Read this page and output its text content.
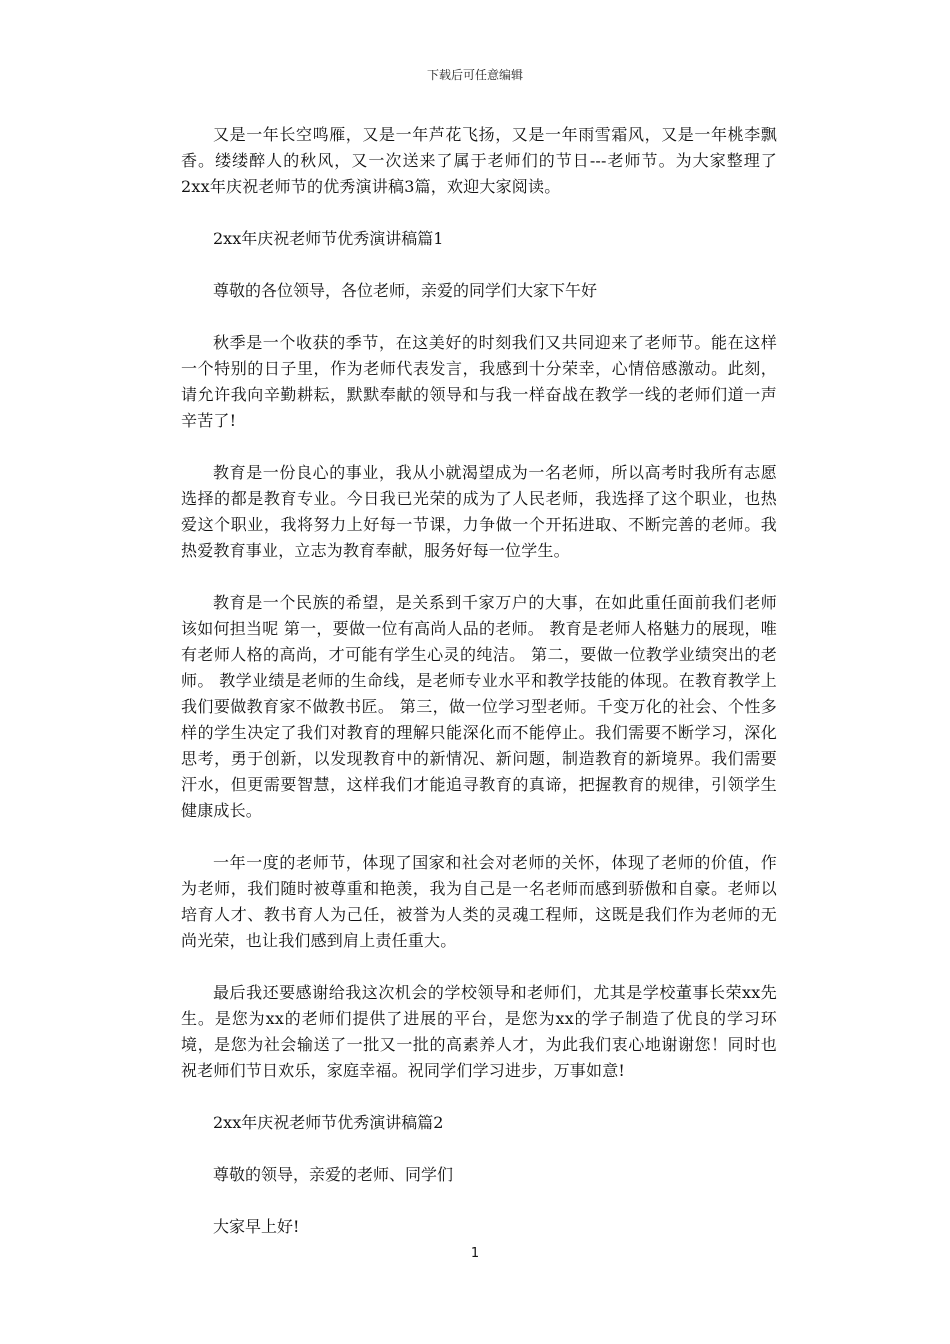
下载后可任意编辑

又是一年长空鸣雁，又是一年芦花飞扬，又是一年雨雪霜风，又是一年桃李飘香。缕缕醉人的秋风，又一次送来了属于老师们的节日---老师节。为大家整理了2xx年庆祝老师节的优秀演讲稿3篇，欢迎大家阅读。

2xx年庆祝老师节优秀演讲稿篇1

尊敬的各位领导，各位老师，亲爱的同学们大家下午好

秋季是一个收获的季节，在这美好的时刻我们又共同迎来了老师节。能在这样一个特别的日子里，作为老师代表发言，我感到十分荣幸，心情倍感激动。此刻，请允许我向辛勤耕耘，默默奉献的领导和与我一样奋战在教学一线的老师们道一声辛苦了!

教育是一份良心的事业，我从小就渴望成为一名老师，所以高考时我所有志愿选择的都是教育专业。今日我已光荣的成为了人民老师，我选择了这个职业，也热爱这个职业，我将努力上好每一节课，力争做一个开拓进取、不断完善的老师。我热爱教育事业，立志为教育奉献，服务好每一位学生。

教育是一个民族的希望，是关系到千家万户的大事，在如此重任面前我们老师该如何担当呢 第一，要做一位有高尚人品的老师。 教育是老师人格魅力的展现，唯有老师人格的高尚，才可能有学生心灵的纯洁。 第二，要做一位教学业绩突出的老师。 教学业绩是老师的生命线，是老师专业水平和教学技能的体现。在教育教学上我们要做教育家不做教书匠。 第三，做一位学习型老师。千变万化的社会、个性多样的学生决定了我们对教育的理解只能深化而不能停止。我们需要不断学习，深化思考，勇于创新，以发现教育中的新情况、新问题，制造教育的新境界。我们需要汗水，但更需要智慧，这样我们才能追寻教育的真谛，把握教育的规律，引领学生健康成长。

一年一度的老师节，体现了国家和社会对老师的关怀，体现了老师的价值，作为老师，我们随时被尊重和艳羡，我为自己是一名老师而感到骄傲和自豪。老师以培育人才、教书育人为己任，被誉为人类的灵魂工程师，这既是我们作为老师的无尚光荣，也让我们感到肩上责任重大。

最后我还要感谢给我这次机会的学校领导和老师们，尤其是学校董事长荣xx先生。是您为xx的老师们提供了进展的平台，是您为xx的学子制造了优良的学习环境，是您为社会输送了一批又一批的高素养人才，为此我们衷心地谢谢您！同时也祝老师们节日欢乐，家庭幸福。祝同学们学习进步，万事如意!

2xx年庆祝老师节优秀演讲稿篇2

尊敬的领导，亲爱的老师、同学们

大家早上好!

1
